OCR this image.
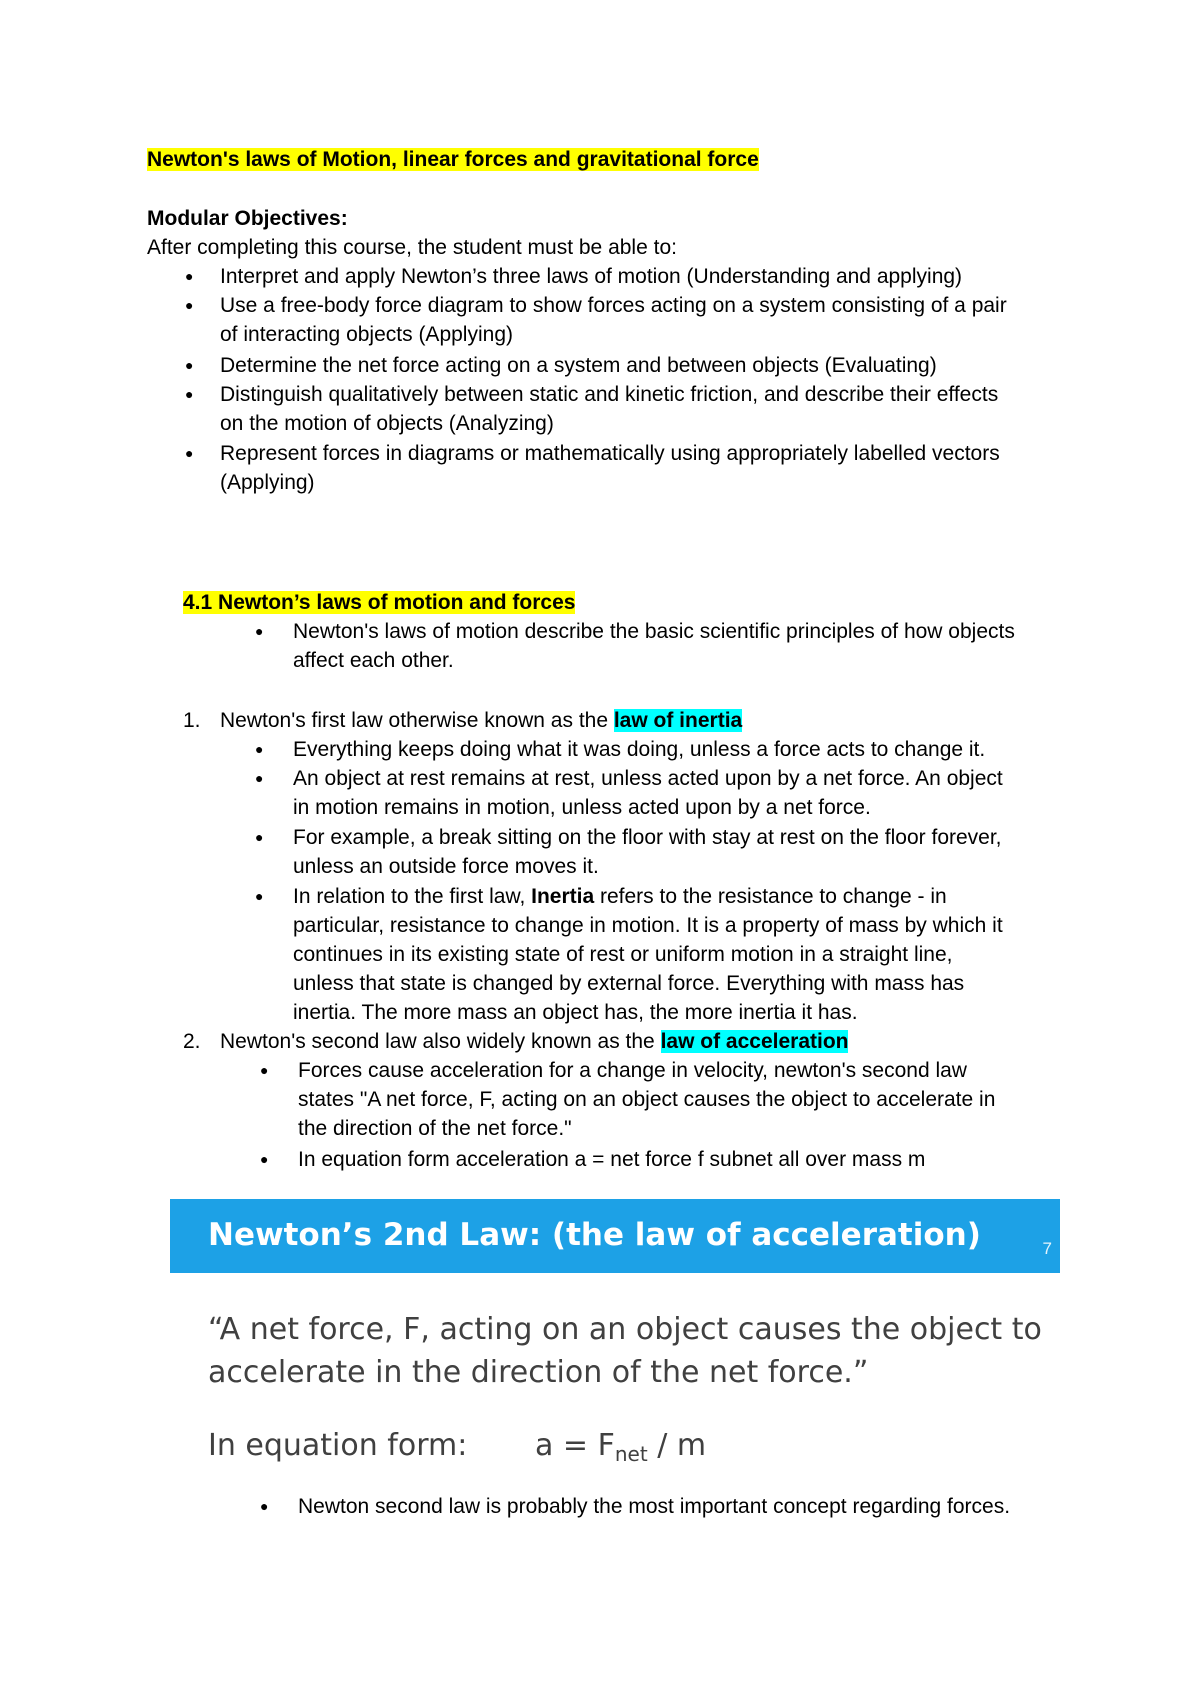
Newton's laws of Motion, linear forces and gravitational force
Modular Objectives:
After completing this course, the student must be able to:
● Interpret and apply Newton’s three laws of motion (Understanding and applying)
● Use a free-body force diagram to show forces acting on a system consisting of a pair
of interacting objects (Applying)
● Determine the net force acting on a system and between objects (Evaluating)
● Distinguish qualitatively between static and kinetic friction, and describe their effects
on the motion of objects (Analyzing)
● Represent forces in diagrams or mathematically using appropriately labelled vectors
(Applying)
4.1 Newton’s laws of motion and forces
● Newton's laws of motion describe the basic scientific principles of how objects
affect each other.
1. Newton's first law otherwise known as the law of inertia
● Everything keeps doing what it was doing, unless a force acts to change it.
● An object at rest remains at rest, unless acted upon by a net force. An object
in motion remains in motion, unless acted upon by a net force.
● For example, a break sitting on the floor with stay at rest on the floor forever,
unless an outside force moves it.
● In relation to the first law, Inertia refers to the resistance to change - in
particular, resistance to change in motion. It is a property of mass by which it
continues in its existing state of rest or uniform motion in a straight line,
unless that state is changed by external force. Everything with mass has
inertia. The more mass an object has, the more inertia it has.
2. Newton's second law also widely known as the law of acceleration
● Forces cause acceleration for a change in velocity, newton's second law
states "A net force, F, acting on an object causes the object to accelerate in
the direction of the net force."
● In equation form acceleration a = net force f subnet all over mass m
Newton’s 2nd Law: (the law of acceleration)	7
“A net force, F, acting on an object causes the object to
accelerate in the direction of the net force.”
In equation form: $a = F_{net} / m$
● Newton second law is probably the most important concept regarding forces.
